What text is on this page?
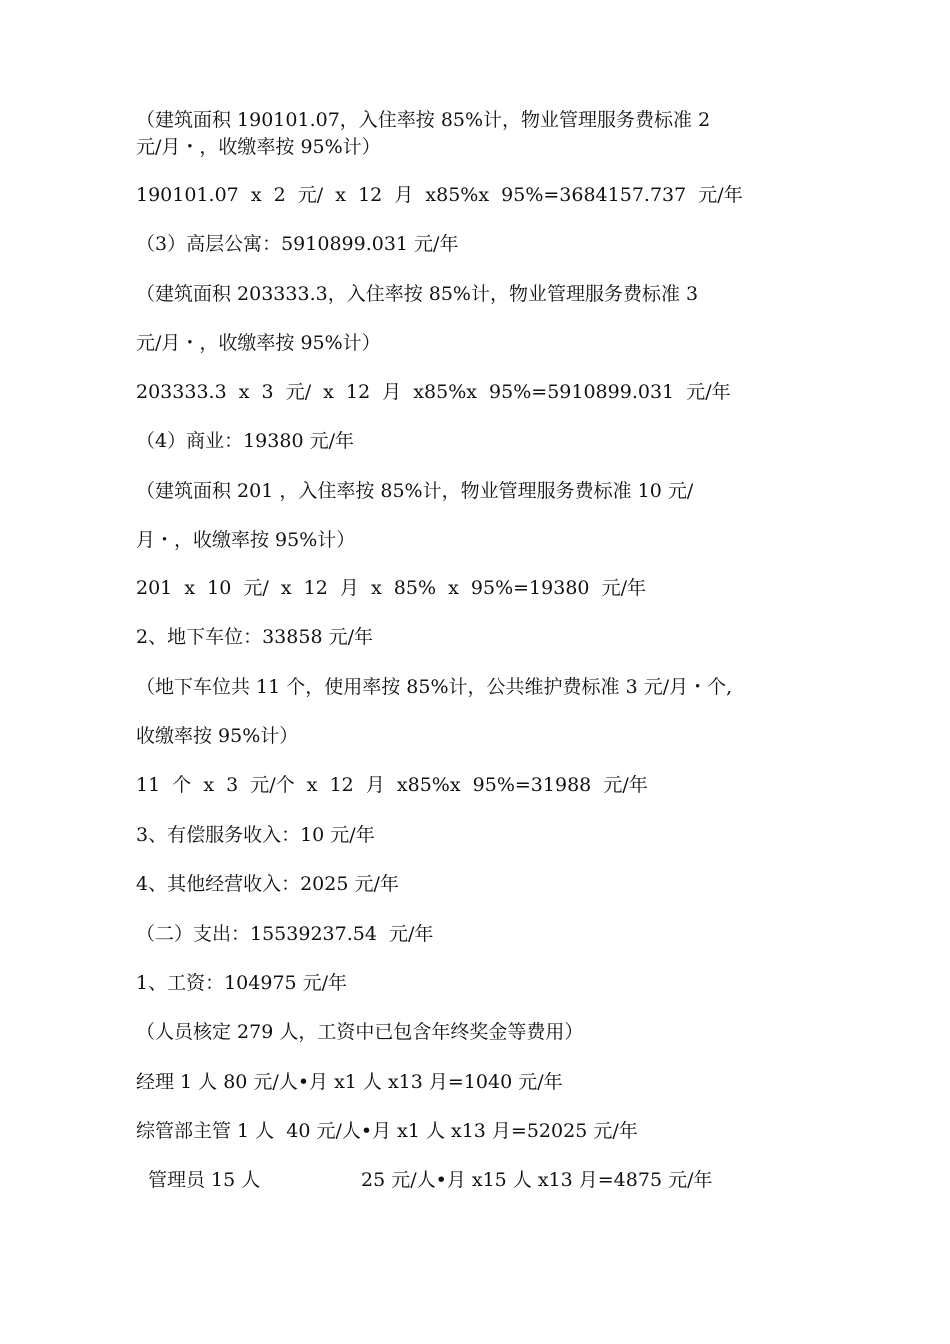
（建筑面积 190101.07，入住率按 85%计，物业管理服务费标准 2
元/月・，收缴率按 95%计）
190101.07  x  2  元/  x  12  月  x85%x  95%=3684157.737  元/年
（3）高层公寓：5910899.031 元/年
（建筑面积 203333.3，入住率按 85%计，物业管理服务费标准 3
元/月・，收缴率按 95%计）
203333.3  x  3  元/  x  12  月  x85%x  95%=5910899.031  元/年
（4）商业：19380 元/年
（建筑面积 201 ，入住率按 85%计，物业管理服务费标准 10 元/
月・，收缴率按 95%计）
201  x  10  元/  x  12  月  x  85%  x  95%=19380  元/年
2、地下车位：33858 元/年
（地下车位共 11 个，使用率按 85%计，公共维护费标准 3 元/月・个,
收缴率按 95%计）
11  个  x  3  元/个  x  12  月  x85%x  95%=31988  元/年
3、有偿服务收入：10 元/年
4、其他经营收入：2025 元/年
（二）支出：15539237.54  元/年
1、工资：104975 元/年
（人员核定 279 人，工资中已包含年终奖金等费用）
经理 1 人 80 元/人•月 x1 人 x13 月=1040 元/年
综管部主管 1 人  40 元/人•月 x1 人 x13 月=52025 元/年
管理员 15 人	25 元/人•月 x15 人 x13 月=4875 元/年
